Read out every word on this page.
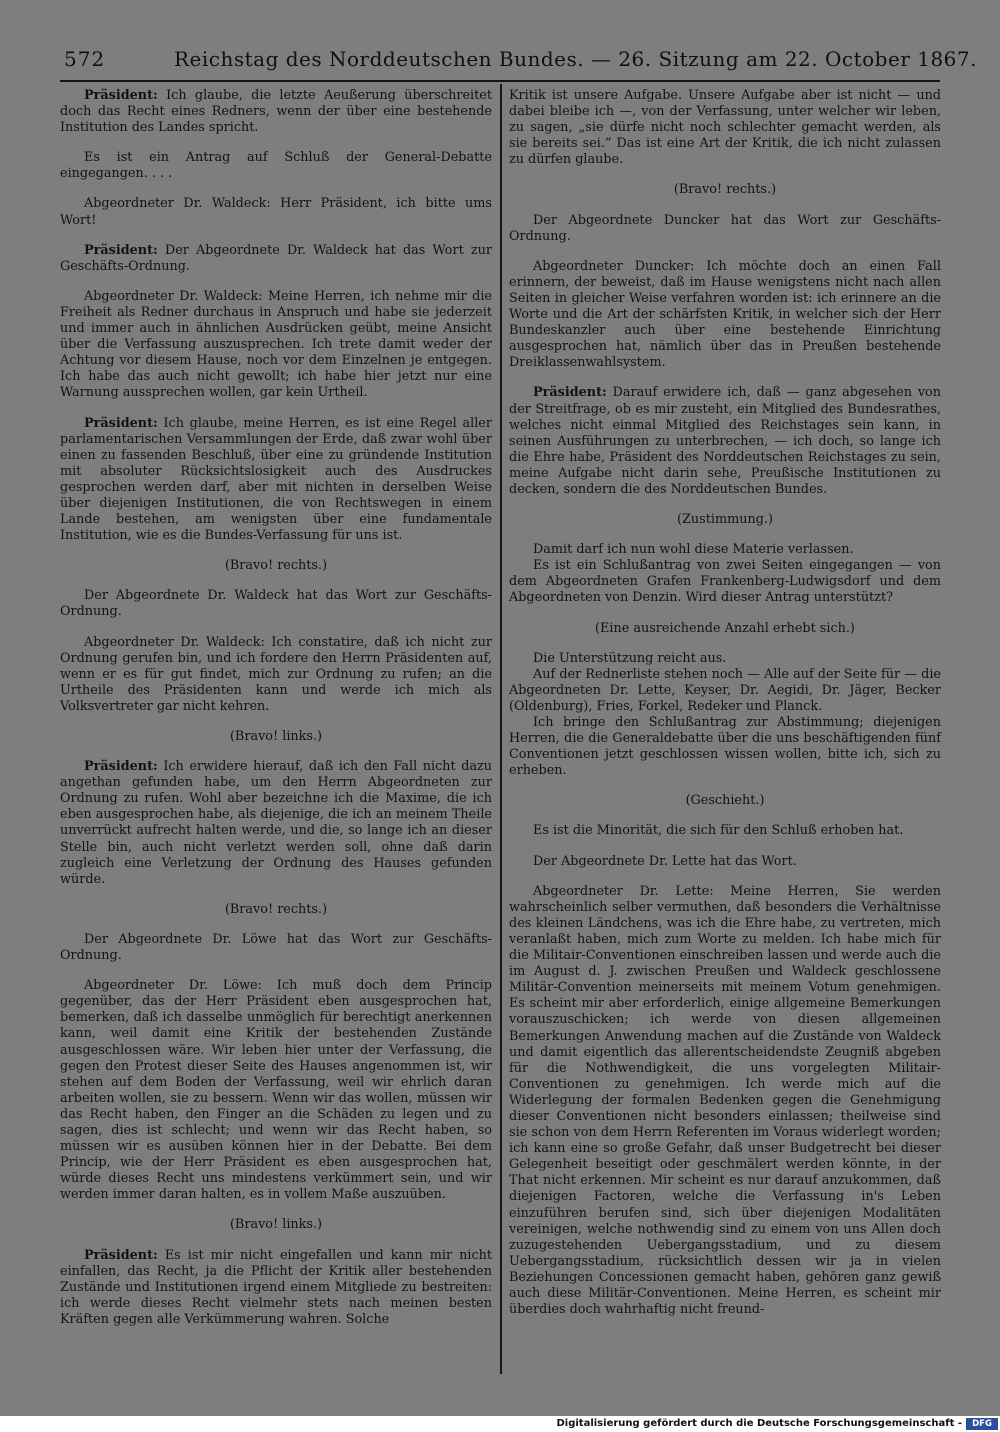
572	Reichstag des Norddeutschen Bundes. — 26. Sitzung am 22. October 1867.

Präsident: Ich glaube, die letzte Aeußerung überschreitet doch das Recht eines Redners, wenn der über eine bestehende Institution des Landes spricht.

Es ist ein Antrag auf Schluß der General-Debatte eingegangen. . . .

Abgeordneter Dr. Waldeck: Herr Präsident, ich bitte ums Wort!

Präsident: Der Abgeordnete Dr. Waldeck hat das Wort zur Geschäfts-Ordnung.

Abgeordneter Dr. Waldeck: Meine Herren, ich nehme mir die Freiheit als Redner durchaus in Anspruch und habe sie jederzeit und immer auch in ähnlichen Ausdrücken geübt, meine Ansicht über die Verfassung auszusprechen. Ich trete damit weder der Achtung vor diesem Hause, noch vor dem Einzelnen je entgegen. Ich habe das auch nicht gewollt; ich habe hier jetzt nur eine Warnung aussprechen wollen, gar kein Urtheil.

Präsident: Ich glaube, meine Herren, es ist eine Regel aller parlamentarischen Versammlungen der Erde, daß zwar wohl über einen zu fassenden Beschluß, über eine zu gründende Institution mit absoluter Rücksichtslosigkeit auch des Ausdruckes gesprochen werden darf, aber mit nichten in derselben Weise über diejenigen Institutionen, die von Rechtswegen in einem Lande bestehen, am wenigsten über eine fundamentale Institution, wie es die Bundes-Verfassung für uns ist.

(Bravo! rechts.)

Der Abgeordnete Dr. Waldeck hat das Wort zur Geschäfts-Ordnung.

Abgeordneter Dr. Waldeck: Ich constatire, daß ich nicht zur Ordnung gerufen bin, und ich fordere den Herrn Präsidenten auf, wenn er es für gut findet, mich zur Ordnung zu rufen; an die Urtheile des Präsidenten kann und werde ich mich als Volksvertreter gar nicht kehren.

(Bravo! links.)

Präsident: Ich erwidere hierauf, daß ich den Fall nicht dazu angethan gefunden habe, um den Herrn Abgeordneten zur Ordnung zu rufen. Wohl aber bezeichne ich die Maxime, die ich eben ausgesprochen habe, als diejenige, die ich an meinem Theile unverrückt aufrecht halten werde, und die, so lange ich an dieser Stelle bin, auch nicht verletzt werden soll, ohne daß darin zugleich eine Verletzung der Ordnung des Hauses gefunden würde.

(Bravo! rechts.)

Der Abgeordnete Dr. Löwe hat das Wort zur Geschäfts-Ordnung.

Abgeordneter Dr. Löwe: Ich muß doch dem Princip gegenüber, das der Herr Präsident eben ausgesprochen hat, bemerken, daß ich dasselbe unmöglich für berechtigt anerkennen kann, weil damit eine Kritik der bestehenden Zustände ausgeschlossen wäre. Wir leben hier unter der Verfassung, die gegen den Protest dieser Seite des Hauses angenommen ist, wir stehen auf dem Boden der Verfassung, weil wir ehrlich daran arbeiten wollen, sie zu bessern. Wenn wir das wollen, müssen wir das Recht haben, den Finger an die Schäden zu legen und zu sagen, dies ist schlecht; und wenn wir das Recht haben, so müssen wir es ausüben können hier in der Debatte. Bei dem Princip, wie der Herr Präsident es eben ausgesprochen hat, würde dieses Recht uns mindestens verkümmert sein, und wir werden immer daran halten, es in vollem Maße auszuüben.

(Bravo! links.)

Präsident: Es ist mir nicht eingefallen und kann mir nicht einfallen, das Recht, ja die Pflicht der Kritik aller bestehenden Zustände und Institutionen irgend einem Mitgliede zu bestreiten: ich werde dieses Recht vielmehr stets nach meinen besten Kräften gegen alle Verkümmerung wahren. Solche

Kritik ist unsere Aufgabe. Unsere Aufgabe aber ist nicht — und dabei bleibe ich —, von der Verfassung, unter welcher wir leben, zu sagen, „sie dürfe nicht noch schlechter gemacht werden, als sie bereits sei.“ Das ist eine Art der Kritik, die ich nicht zulassen zu dürfen glaube.

(Bravo! rechts.)

Der Abgeordnete Duncker hat das Wort zur Geschäfts-Ordnung.

Abgeordneter Duncker: Ich möchte doch an einen Fall erinnern, der beweist, daß im Hause wenigstens nicht nach allen Seiten in gleicher Weise verfahren worden ist: ich erinnere an die Worte und die Art der schärfsten Kritik, in welcher sich der Herr Bundeskanzler auch über eine bestehende Einrichtung ausgesprochen hat, nämlich über das in Preußen bestehende Dreiklassenwahlsystem.

Präsident: Darauf erwidere ich, daß — ganz abgesehen von der Streitfrage, ob es mir zusteht, ein Mitglied des Bundesrathes, welches nicht einmal Mitglied des Reichstages sein kann, in seinen Ausführungen zu unterbrechen, — ich doch, so lange ich die Ehre habe, Präsident des Norddeutschen Reichstages zu sein, meine Aufgabe nicht darin sehe, Preußische Institutionen zu decken, sondern die des Norddeutschen Bundes.

(Zustimmung.)

Damit darf ich nun wohl diese Materie verlassen.

Es ist ein Schlußantrag von zwei Seiten eingegangen — von dem Abgeordneten Grafen Frankenberg-Ludwigsdorf und dem Abgeordneten von Denzin. Wird dieser Antrag unterstützt?

(Eine ausreichende Anzahl erhebt sich.)

Die Unterstützung reicht aus.

Auf der Rednerliste stehen noch — Alle auf der Seite für — die Abgeordneten Dr. Lette, Keyser, Dr. Aegidi, Dr. Jäger, Becker (Oldenburg), Fries, Forkel, Redeker und Planck.

Ich bringe den Schlußantrag zur Abstimmung; diejenigen Herren, die die Generaldebatte über die uns beschäftigenden fünf Conventionen jetzt geschlossen wissen wollen, bitte ich, sich zu erheben.

(Geschieht.)

Es ist die Minorität, die sich für den Schluß erhoben hat.

Der Abgeordnete Dr. Lette hat das Wort.

Abgeordneter Dr. Lette: Meine Herren, Sie werden wahrscheinlich selber vermuthen, daß besonders die Verhältnisse des kleinen Ländchens, was ich die Ehre habe, zu vertreten, mich veranlaßt haben, mich zum Worte zu melden. Ich habe mich für die Militair-Conventionen einschreiben lassen und werde auch die im August d. J. zwischen Preußen und Waldeck geschlossene Militär-Convention meinerseits mit meinem Votum genehmigen. Es scheint mir aber erforderlich, einige allgemeine Bemerkungen vorauszuschicken; ich werde von diesen allgemeinen Bemerkungen Anwendung machen auf die Zustände von Waldeck und damit eigentlich das allerentscheidendste Zeugniß abgeben für die Nothwendigkeit, die uns vorgelegten Militair-Conventionen zu genehmigen. Ich werde mich auf die Widerlegung der formalen Bedenken gegen die Genehmigung dieser Conventionen nicht besonders einlassen; theilweise sind sie schon von dem Herrn Referenten im Voraus widerlegt worden; ich kann eine so große Gefahr, daß unser Budgetrecht bei dieser Gelegenheit beseitigt oder geschmälert werden könnte, in der That nicht erkennen. Mir scheint es nur darauf anzukommen, daß diejenigen Factoren, welche die Verfassung in's Leben einzuführen berufen sind, sich über diejenigen Modalitäten vereinigen, welche nothwendig sind zu einem von uns Allen doch zuzugestehenden Uebergangsstadium, und zu diesem Uebergangsstadium, rücksichtlich dessen wir ja in vielen Beziehungen Concessionen gemacht haben, gehören ganz gewiß auch diese Militär-Conventionen. Meine Herren, es scheint mir überdies doch wahrhaftig nicht freund-

Digitalisierung gefördert durch die Deutsche Forschungsgemeinschaft -	DFG
